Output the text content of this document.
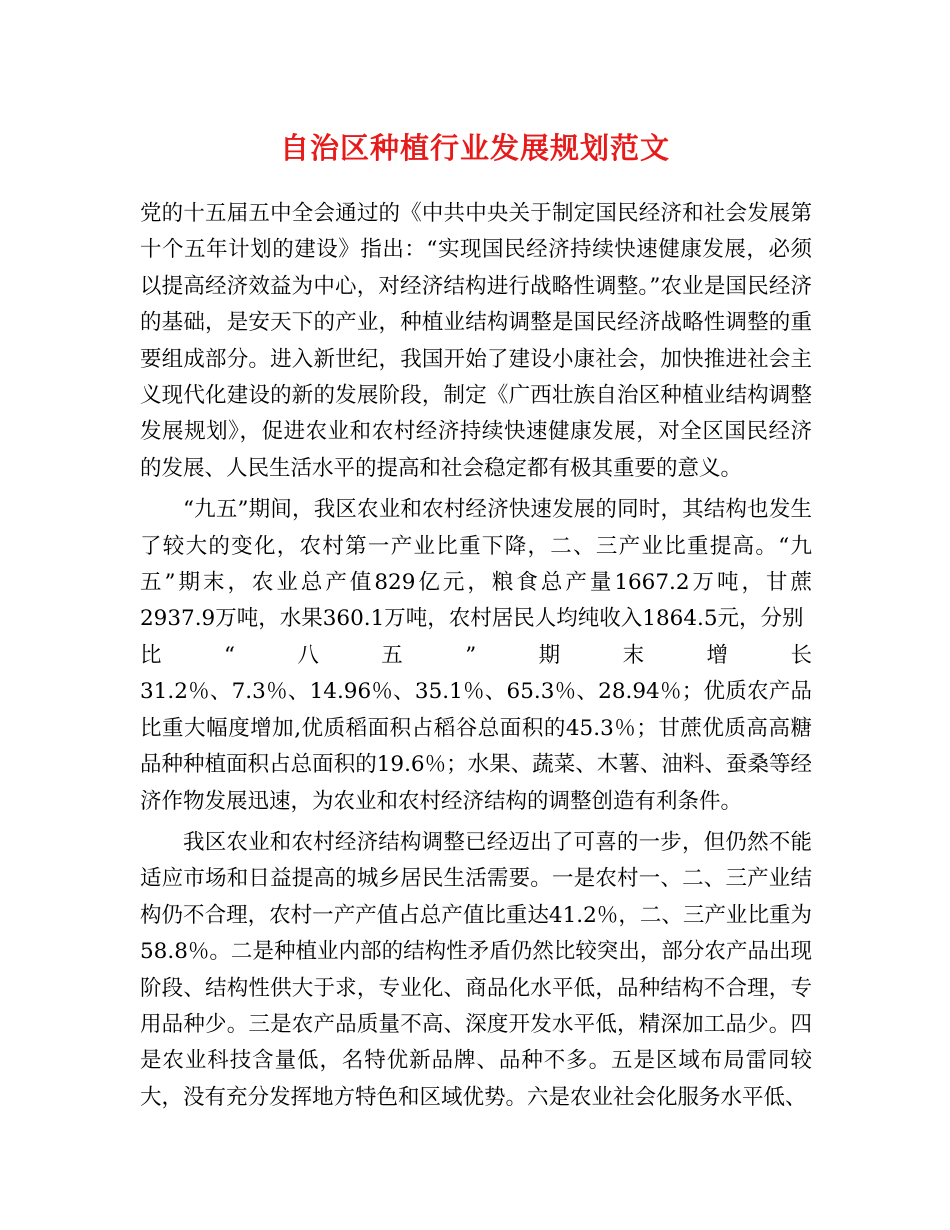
自治区种植行业发展规划范文

党的十五届五中全会通过的《中共中央关于制定国民经济和社会发展第十个五年计划的建设》指出：“实现国民经济持续快速健康发展，必须以提高经济效益为中心，对经济结构进行战略性调整。”农业是国民经济的基础，是安天下的产业，种植业结构调整是国民经济战略性调整的重要组成部分。进入新世纪，我国开始了建设小康社会，加快推进社会主义现代化建设的新的发展阶段，制定《广西壮族自治区种植业结构调整发展规划》，促进农业和农村经济持续快速健康发展，对全区国民经济的发展、人民生活水平的提高和社会稳定都有极其重要的意义。

“九五”期间，我区农业和农村经济快速发展的同时，其结构也发生了较大的变化，农村第一产业比重下降，二、三产业比重提高。“九五”期末，农业总产值829亿元，粮食总产量1667.2万吨，甘蔗2937.9万吨，水果360.1万吨，农村居民人均纯收入1864.5元，分别

比	“	八	五	”	期	末	增	长

31.2％、7.3％、14.96％、35.1％、65.3％、28.94％；优质农产品比重大幅度增加,优质稻面积占稻谷总面积的45.3％；甘蔗优质高高糖品种种植面积占总面积的19.6％；水果、蔬菜、木薯、油料、蚕桑等经济作物发展迅速，为农业和农村经济结构的调整创造有利条件。

我区农业和农村经济结构调整已经迈出了可喜的一步，但仍然不能适应市场和日益提高的城乡居民生活需要。一是农村一、二、三产业结构仍不合理，农村一产产值占总产值比重达41.2％，二、三产业比重为58.8％。二是种植业内部的结构性矛盾仍然比较突出，部分农产品出现阶段、结构性供大于求，专业化、商品化水平低，品种结构不合理，专用品种少。三是农产品质量不高、深度开发水平低，精深加工品少。四是农业科技含量低，名特优新品牌、品种不多。五是区域布局雷同较大，没有充分发挥地方特色和区域优势。六是农业社会化服务水平低、
